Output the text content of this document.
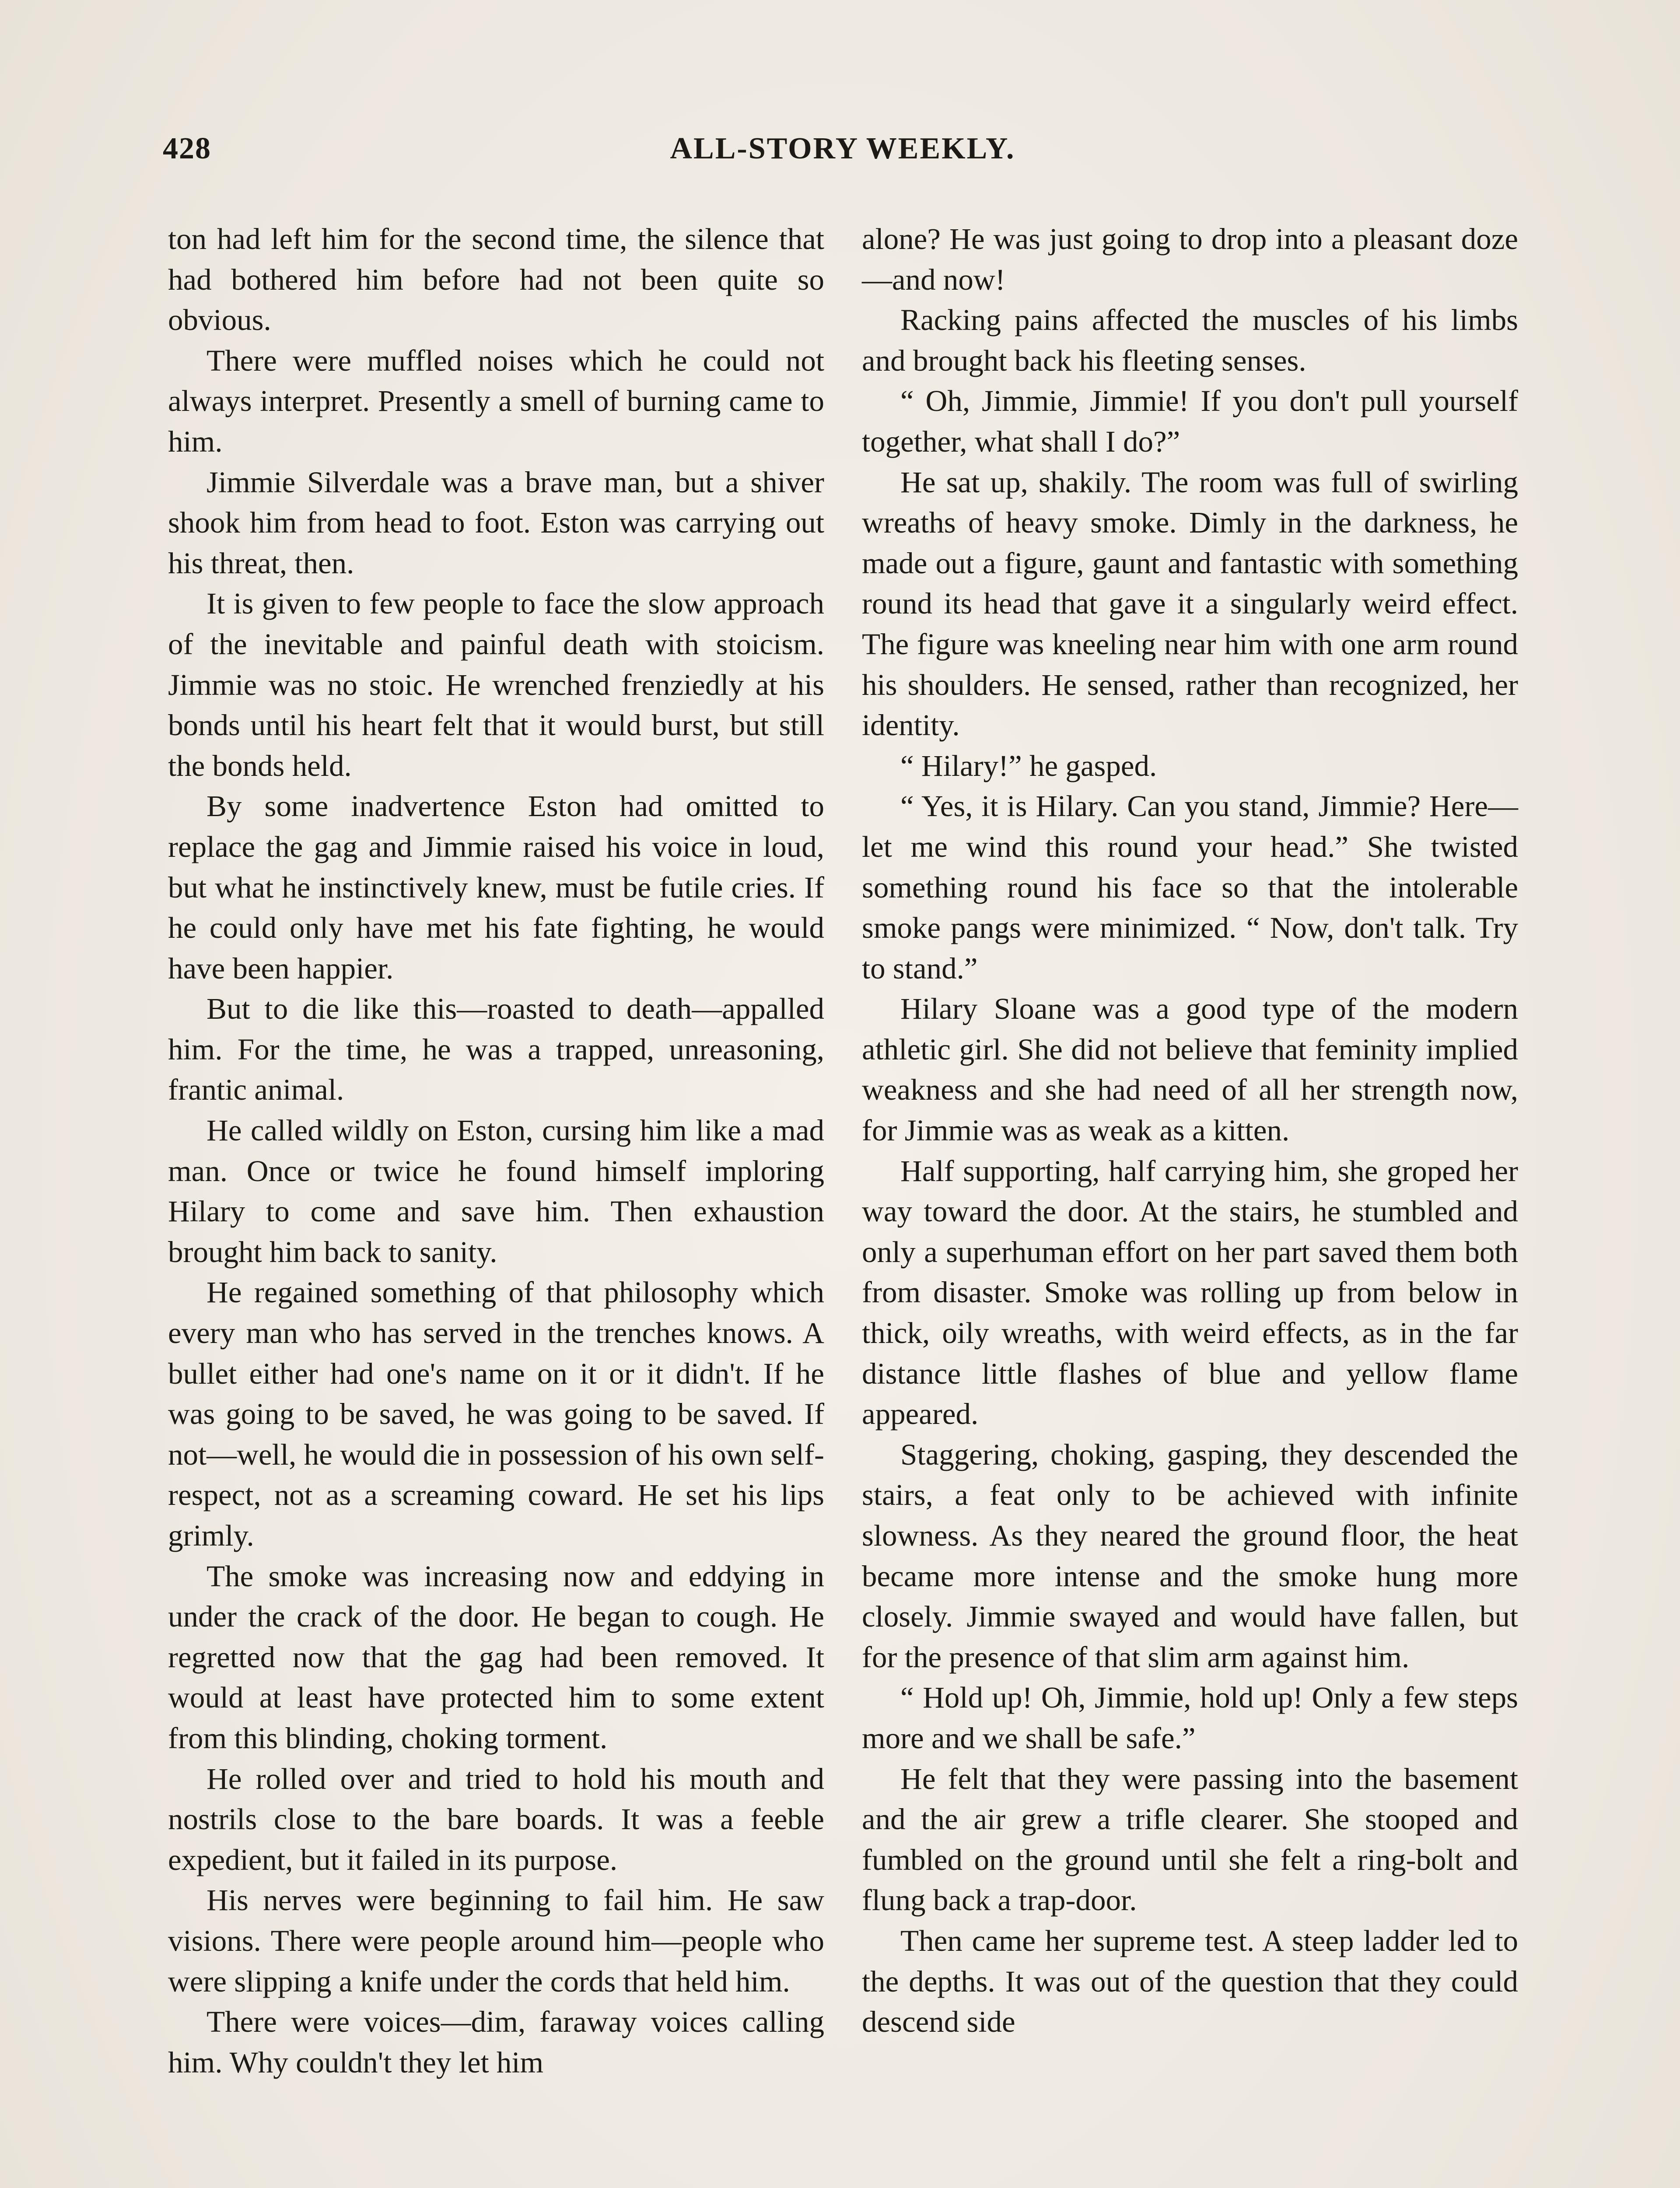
428	ALL-STORY WEEKLY.

ton had left him for the second time, the silence that had bothered him before had not been quite so obvious.

There were muffled noises which he could not always interpret. Presently a smell of burning came to him.

Jimmie Silverdale was a brave man, but a shiver shook him from head to foot. Eston was carrying out his threat, then.

It is given to few people to face the slow approach of the inevitable and painful death with stoicism. Jimmie was no stoic. He wrenched frenziedly at his bonds until his heart felt that it would burst, but still the bonds held.

By some inadvertence Eston had omitted to replace the gag and Jimmie raised his voice in loud, but what he instinctively knew, must be futile cries. If he could only have met his fate fighting, he would have been happier.

But to die like this—roasted to death—appalled him. For the time, he was a trapped, unreasoning, frantic animal.

He called wildly on Eston, cursing him like a mad man. Once or twice he found himself imploring Hilary to come and save him. Then exhaustion brought him back to sanity.

He regained something of that philosophy which every man who has served in the trenches knows. A bullet either had one's name on it or it didn't. If he was going to be saved, he was going to be saved. If not—well, he would die in possession of his own self-respect, not as a screaming coward. He set his lips grimly.

The smoke was increasing now and eddying in under the crack of the door. He began to cough. He regretted now that the gag had been removed. It would at least have protected him to some extent from this blinding, choking torment.

He rolled over and tried to hold his mouth and nostrils close to the bare boards. It was a feeble expedient, but it failed in its purpose.

His nerves were beginning to fail him. He saw visions. There were people around him—people who were slipping a knife under the cords that held him.

There were voices—dim, faraway voices calling him. Why couldn't they let him

alone? He was just going to drop into a pleasant doze—and now!

Racking pains affected the muscles of his limbs and brought back his fleeting senses.

“ Oh, Jimmie, Jimmie! If you don't pull yourself together, what shall I do?”

He sat up, shakily. The room was full of swirling wreaths of heavy smoke. Dimly in the darkness, he made out a figure, gaunt and fantastic with something round its head that gave it a singularly weird effect. The figure was kneeling near him with one arm round his shoulders. He sensed, rather than recognized, her identity.

“ Hilary!” he gasped.

“ Yes, it is Hilary. Can you stand, Jimmie? Here—let me wind this round your head.” She twisted something round his face so that the intolerable smoke pangs were minimized. “ Now, don't talk. Try to stand.”

Hilary Sloane was a good type of the modern athletic girl. She did not believe that feminity implied weakness and she had need of all her strength now, for Jimmie was as weak as a kitten.

Half supporting, half carrying him, she groped her way toward the door. At the stairs, he stumbled and only a superhuman effort on her part saved them both from disaster. Smoke was rolling up from below in thick, oily wreaths, with weird effects, as in the far distance little flashes of blue and yellow flame appeared.

Staggering, choking, gasping, they descended the stairs, a feat only to be achieved with infinite slowness. As they neared the ground floor, the heat became more intense and the smoke hung more closely. Jimmie swayed and would have fallen, but for the presence of that slim arm against him.

“ Hold up! Oh, Jimmie, hold up! Only a few steps more and we shall be safe.”

He felt that they were passing into the basement and the air grew a trifle clearer. She stooped and fumbled on the ground until she felt a ring-bolt and flung back a trap-door.

Then came her supreme test. A steep ladder led to the depths. It was out of the question that they could descend side
